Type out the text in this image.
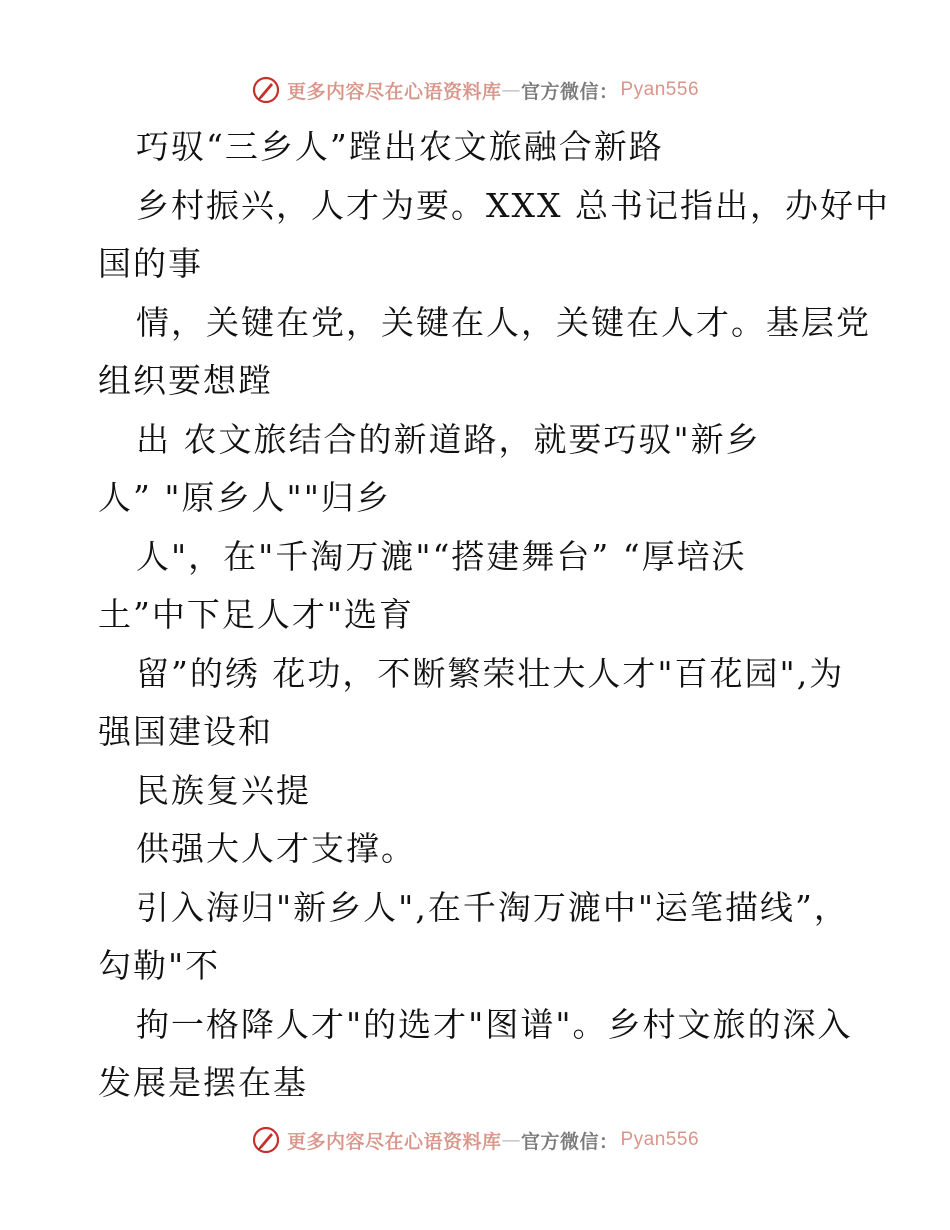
更多内容尽在心语资料库 — 官方微信： Pyan556
巧驭“三乡人”蹚出农文旅融合新路
乡村振兴，人才为要。XXX 总书记指出，办好中
国的事
情，关键在党，关键在人，关键在人才。基层党
组织要想蹚
出 农文旅结合的新道路，就要巧驭"新乡
人” "原乡人""归乡
人"，在"千淘万漉"“搭建舞台” “厚培沃
土”中下足人才"选育
留”的绣 花功，不断繁荣壮大人才"百花园",为
强国建设和
民族复兴提
供强大人才支撑。
引入海归"新乡人",在千淘万漉中"运笔描线”，
勾勒"不
拘一格降人才"的选才"图谱"。乡村文旅的深入
发展是摆在基
更多内容尽在心语资料库 — 官方微信： Pyan556
